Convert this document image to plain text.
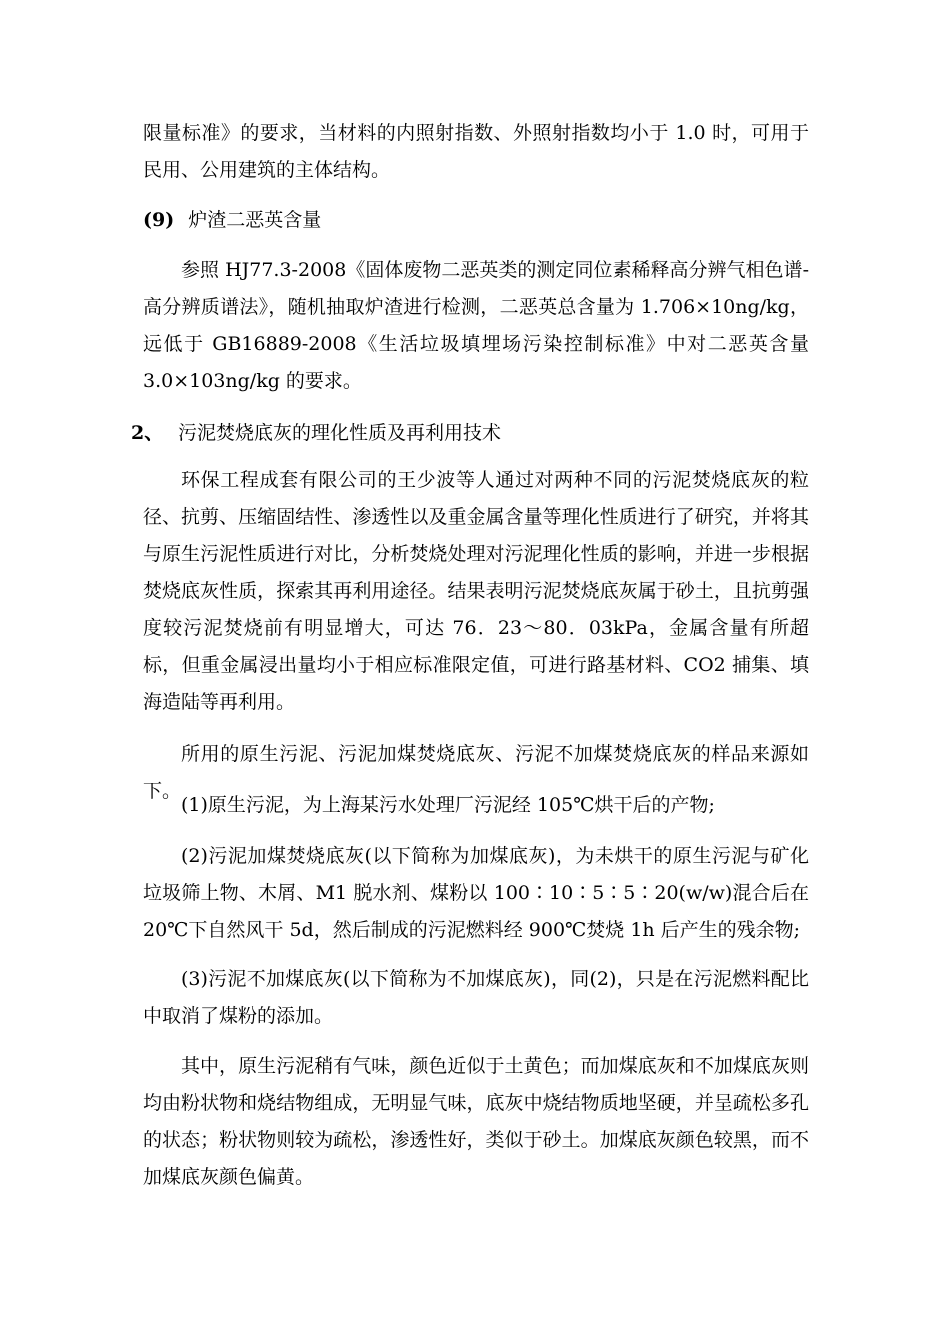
限量标准》的要求，当材料的内照射指数、外照射指数均小于 1.0 时，可用于民用、公用建筑的主体结构。

(9) 炉渣二恶英含量

参照 HJ77.3-2008《固体废物二恶英类的测定同位素稀释高分辨气相色谱-高分辨质谱法》，随机抽取炉渣进行检测，二恶英总含量为 1.706×10ng/kg，远低于 GB16889-2008《生活垃圾填埋场污染控制标准》中对二恶英含量 3.0×103ng/kg 的要求。

2、 污泥焚烧底灰的理化性质及再利用技术

环保工程成套有限公司的王少波等人通过对两种不同的污泥焚烧底灰的粒径、抗剪、压缩固结性、渗透性以及重金属含量等理化性质进行了研究，并将其与原生污泥性质进行对比，分析焚烧处理对污泥理化性质的影响，并进一步根据焚烧底灰性质，探索其再利用途径。结果表明污泥焚烧底灰属于砂土，且抗剪强度较污泥焚烧前有明显增大，可达 76．23～80．03kPa，金属含量有所超标，但重金属浸出量均小于相应标准限定值，可进行路基材料、CO2 捕集、填海造陆等再利用。

所用的原生污泥、污泥加煤焚烧底灰、污泥不加煤焚烧底灰的样品来源如下。

(1)原生污泥，为上海某污水处理厂污泥经 105℃烘干后的产物;

(2)污泥加煤焚烧底灰(以下简称为加煤底灰)，为未烘干的原生污泥与矿化垃圾筛上物、木屑、M1 脱水剂、煤粉以 100∶10∶5∶5∶20(w/w)混合后在 20℃下自然风干 5d，然后制成的污泥燃料经 900℃焚烧 1h 后产生的残余物;

(3)污泥不加煤底灰(以下简称为不加煤底灰)，同(2)，只是在污泥燃料配比中取消了煤粉的添加。

其中，原生污泥稍有气味，颜色近似于土黄色；而加煤底灰和不加煤底灰则均由粉状物和烧结物组成，无明显气味，底灰中烧结物质地坚硬，并呈疏松多孔的状态；粉状物则较为疏松，渗透性好，类似于砂土。加煤底灰颜色较黑，而不加煤底灰颜色偏黄。
